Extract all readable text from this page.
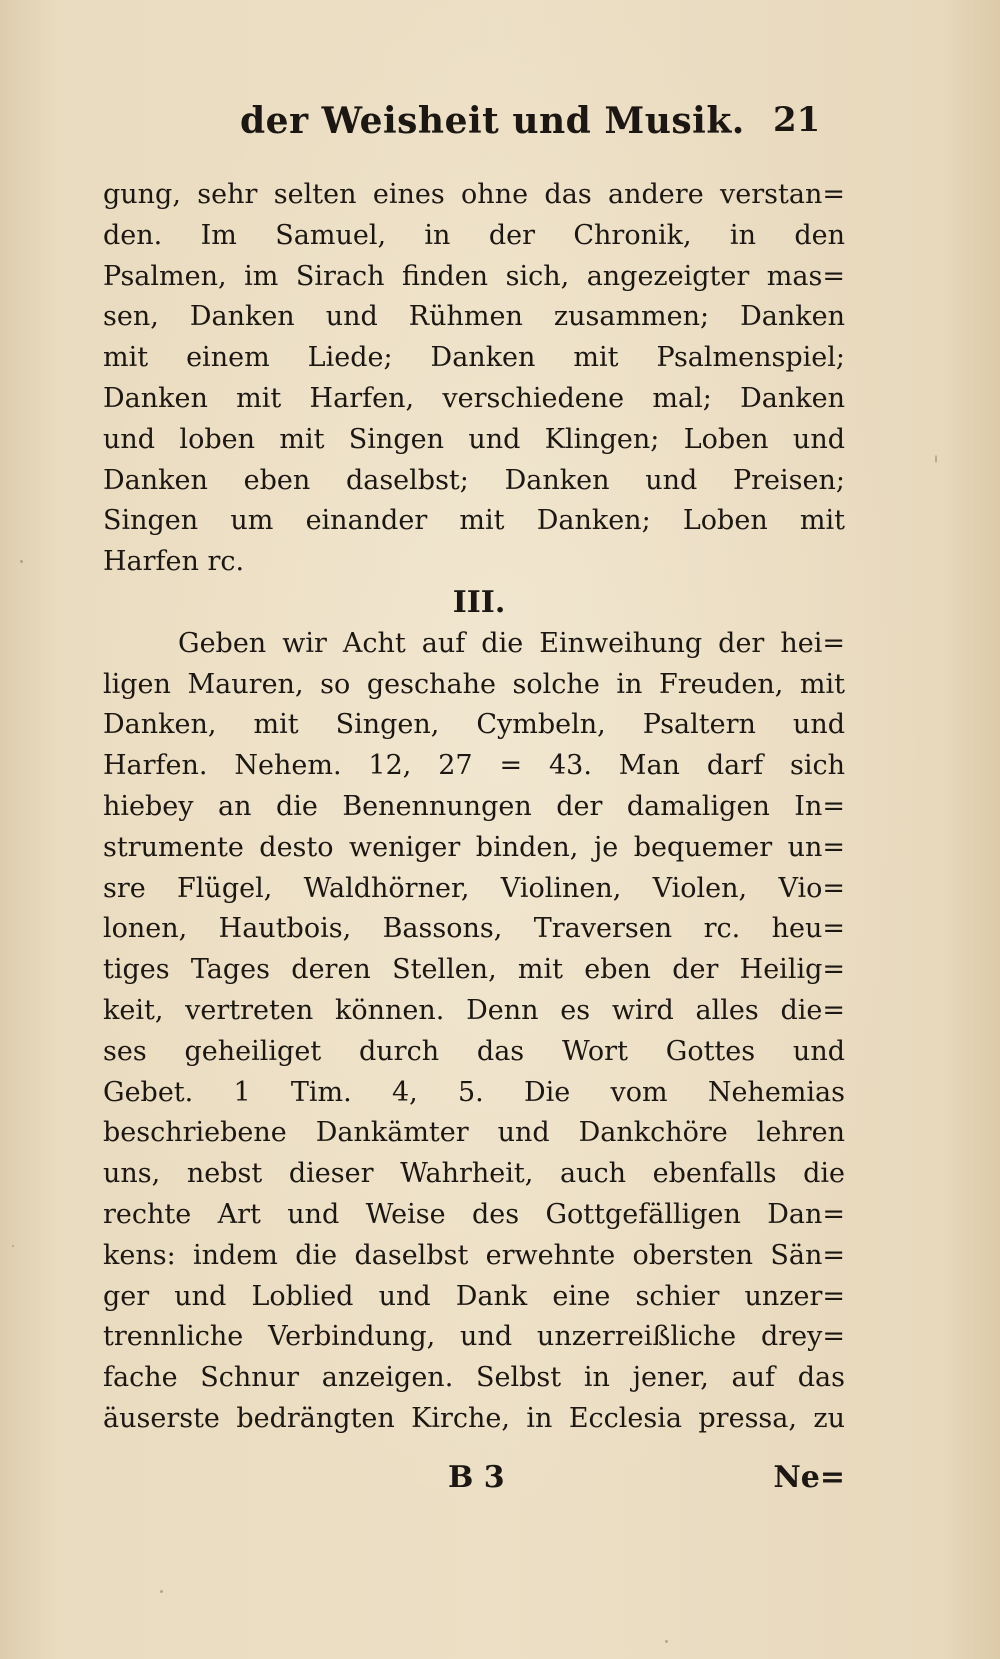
der Weisheit und Musik. 21
gung, sehr selten eines ohne das andere verstan=
den. Im Samuel, in der Chronik, in den
Psalmen, im Sirach finden sich, angezeigter mas=
sen, Danken und Rühmen zusammen; Danken
mit einem Liede; Danken mit Psalmenspiel;
Danken mit Harfen, verschiedene mal; Danken
und loben mit Singen und Klingen; Loben und
Danken eben daselbst; Danken und Preisen;
Singen um einander mit Danken; Loben mit
Harfen rc.
III.
Geben wir Acht auf die Einweihung der hei=
ligen Mauren, so geschahe solche in Freuden, mit
Danken, mit Singen, Cymbeln, Psaltern und
Harfen. Nehem. 12, 27 = 43. Man darf sich
hiebey an die Benennungen der damaligen In=
strumente desto weniger binden, je bequemer un=
sre Flügel, Waldhörner, Violinen, Violen, Vio=
lonen, Hautbois, Bassons, Traversen rc. heu=
tiges Tages deren Stellen, mit eben der Heilig=
keit, vertreten können. Denn es wird alles die=
ses geheiliget durch das Wort Gottes und
Gebet. 1 Tim. 4, 5. Die vom Nehemias
beschriebene Dankämter und Dankchöre lehren
uns, nebst dieser Wahrheit, auch ebenfalls die
rechte Art und Weise des Gottgefälligen Dan=
kens: indem die daselbst erwehnte obersten Sän=
ger und Loblied und Dank eine schier unzer=
trennliche Verbindung, und unzerreißliche drey=
fache Schnur anzeigen. Selbst in jener, auf das
äuserste bedrängten Kirche, in Ecclesia pressa, zu
B 3	Ne=
